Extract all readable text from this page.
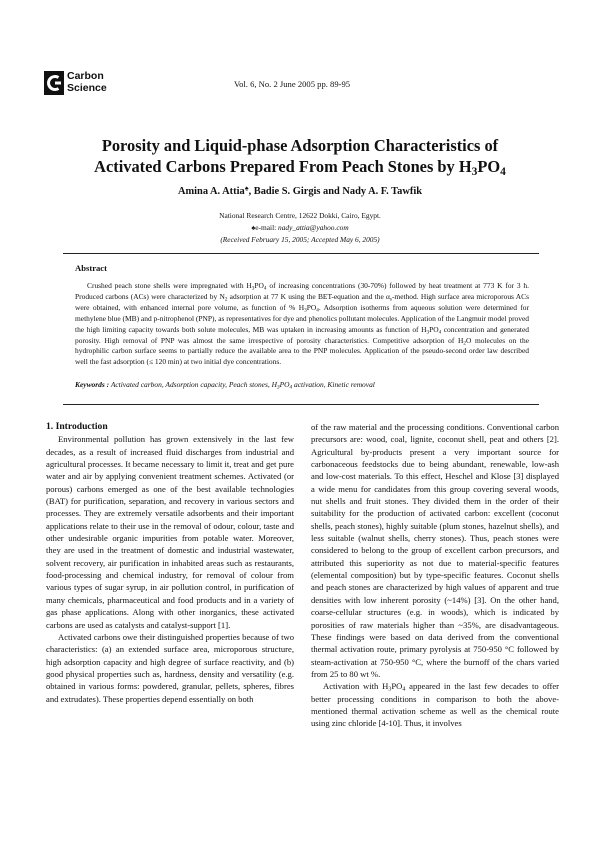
Carbon
Science	Vol. 6, No. 2 June 2005 pp. 89-95
Porosity and Liquid-phase Adsorption Characteristics of
Activated Carbons Prepared From Peach Stones by $H_3PO_4$
Amina A. Attia♠, Badie S. Girgis and Nady A. F. Tawfik
National Research Centre, 12622 Dokki, Cairo, Egypt.
♠e-mail: nady_attia@yahoo.com
(Received February 15, 2005; Accepted May 6, 2005)
Abstract

Crushed peach stone shells were impregnated with $H_3PO_4$ of increasing concentrations (30-70%) followed by heat treatment at 773 K for 3 h. Produced carbons (ACs) were characterized by $N_2$ adsorption at 77 K using the BET-equation and the $\alpha_s$-method. High surface area microporous ACs were obtained, with enhanced internal pore volume, as function of % $H_3PO_4$. Adsorption isotherms from aqueous solution were determined for methylene blue (MB) and p-nitrophenol (PNP), as representatives for dye and phenolics pollutant molecules. Application of the Langmuir model proved the high limiting capacity towards both solute molecules, MB was uptaken in increasing amounts as function of $H_3PO_4$ concentration and generated porosity. High removal of PNP was almost the same irrespective of porosity characteristics. Competitive adsorption of $H_2O$ molecules on the hydrophilic carbon surface seems to partially reduce the available area to the PNP molecules. Application of the pseudo-second order law described well the fast adsorption (≤ 120 min) at two initial dye concentrations.

Keywords : Activated carbon, Adsorption capacity, Peach stones, $H_3PO_4$ activation, Kinetic removal

1. Introduction

Environmental pollution has grown extensively in the last few decades, as a result of increased fluid discharges from industrial and agricultural processes. It became necessary to limit it, treat and get pure water and air by applying convenient treatment schemes. Activated (or porous) carbons emerged as one of the best available technologies (BAT) for purification, separation, and recovery in various sectors and processes. They are extremely versatile adsorbents and their important applications relate to their use in the removal of odour, colour, taste and other undesirable organic impurities from potable water. Moreover, they are used in the treatment of domestic and industrial wastewater, solvent recovery, air purification in inhabited areas such as restaurants, food-processing and chemical industry, for removal of colour from various types of sugar syrup, in air pollution control, in purification of many chemicals, pharmaceutical and food products and in a variety of gas phase applications. Along with other inorganics, these activated carbons are used as catalysts and catalyst-support [1].

Activated carbons owe their distinguished properties because of two characteristics: (a) an extended surface area, microporous structure, high adsorption capacity and high degree of surface reactivity, and (b) good physical properties such as, hardness, density and versatility (e.g. obtained in various forms: powdered, granular, pellets, spheres, fibres and extrudates). These properties depend essentially on both

of the raw material and the processing conditions. Conventional carbon precursors are: wood, coal, lignite, coconut shell, peat and others [2]. Agricultural by-products present a very important source for carbonaceous feedstocks due to being abundant, renewable, low-ash and low-cost materials. To this effect, Heschel and Klose [3] displayed a wide menu for candidates from this group covering several woods, nut shells and fruit stones. They divided them in the order of their suitability for the production of activated carbon: excellent (coconut shells, peach stones), highly suitable (plum stones, hazelnut shells), and less suitable (walnut shells, cherry stones). Thus, peach stones were considered to belong to the group of excellent carbon precursors, and attributed this superiority as not due to material-specific features (elemental composition) but by type-specific features. Coconut shells and peach stones are characterized by high values of apparent and true densities with low inherent porosity (~14%) [3]. On the other hand, coarse-cellular structures (e.g. in woods), which is indicated by porosities of raw materials higher than ~35%, are disadvantageous. These findings were based on data derived from the conventional thermal activation route, primary pyrolysis at 750-950 °C followed by steam-activation at 750-950 °C, where the burnoff of the chars varied from 25 to 80 wt %.

Activation with $H_3PO_4$ appeared in the last few decades to offer better processing conditions in comparison to both the above-mentioned thermal activation scheme as well as the chemical route using zinc chloride [4-10]. Thus, it involves
